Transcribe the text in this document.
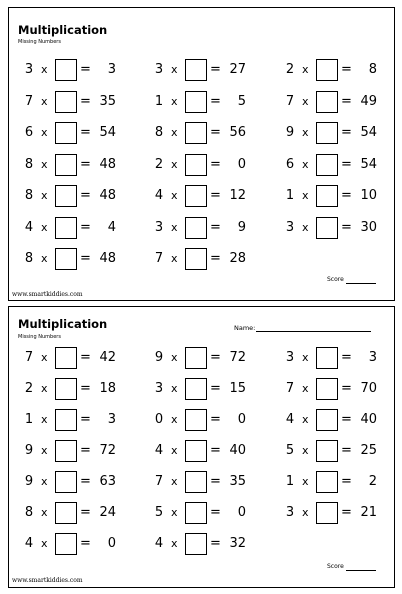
Multiplication
Missing Numbers
3 x =	3	3 x = 27	2 x =	8
7 x = 35	1 x =	5	7 x = 49
6 x = 54	8 x = 56	9 x = 54
8 x = 48	2 x =	0	6 x = 54
8 x = 48	4 x = 12	1 x = 10
4 x =	4	3 x =	9	3 x = 30
8 x = 48	7 x = 28
Score
www.smartkiddies.com
Multiplication
Missing Numbers
Name:
7 x = 42	9 x = 72	3 x =	3
2 x = 18	3 x = 15	7 x = 70
1 x =	3	0 x =	0	4 x = 40
9 x = 72	4 x = 40	5 x = 25
9 x = 63	7 x = 35	1 x =	2
8 x = 24	5 x =	0	3 x = 21
4 x =	0	4 x = 32
Score
www.smartkiddies.com
